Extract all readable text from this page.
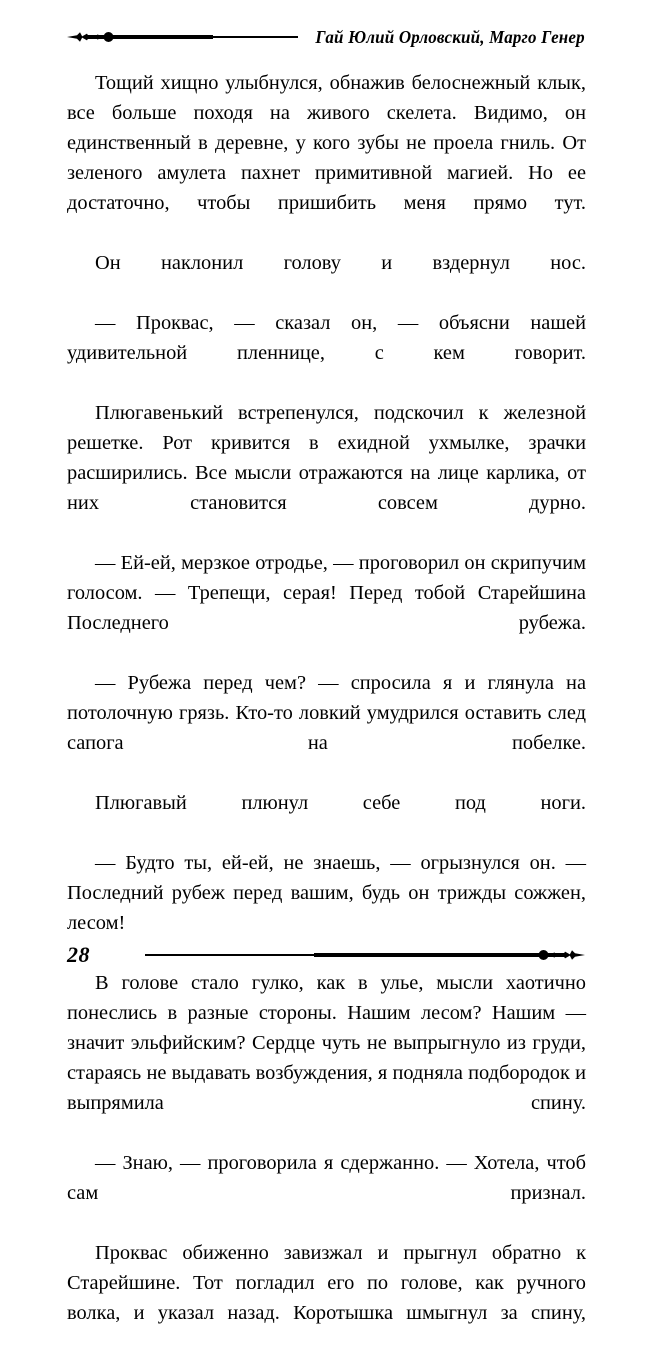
Гай Юлий Орловский, Марго Генер

Тощий хищно улыбнулся, обнажив белоснежный клык, все больше походя на живого скелета. Видимо, он единственный в деревне, у кого зубы не проела гниль. От зеленого амулета пахнет примитивной магией. Но ее достаточно, чтобы пришибить меня прямо тут.

Он наклонил голову и вздернул нос.

— Проквас, — сказал он, — объясни нашей удивительной пленнице, с кем говорит.

Плюгавенький встрепенулся, подскочил к железной решетке. Рот кривится в ехидной ухмылке, зрачки расширились. Все мысли отражаются на лице карлика, от них становится совсем дурно.

— Ей-ей, мерзкое отродье, — проговорил он скрипучим голосом. — Трепещи, серая! Перед тобой Старейшина Последнего рубежа.

— Рубежа перед чем? — спросила я и глянула на потолочную грязь. Кто-то ловкий умудрился оставить след сапога на побелке.

Плюгавый плюнул себе под ноги.

— Будто ты, ей-ей, не знаешь, — огрызнулся он. — Последний рубеж перед вашим, будь он трижды сожжен, лесом!

В голове стало гулко, как в улье, мысли хаотично понеслись в разные стороны. Нашим лесом? Нашим — значит эльфийским? Сердце чуть не выпрыгнуло из груди, стараясь не выдавать возбуждения, я подняла подбородок и выпрямила спину.

— Знаю, — проговорила я сдержанно. — Хотела, чтоб сам признал.

Проквас обиженно завизжал и прыгнул обратно к Старейшине. Тот погладил его по голове, как ручного волка, и указал назад. Коротышка шмыгнул за спину,

28
